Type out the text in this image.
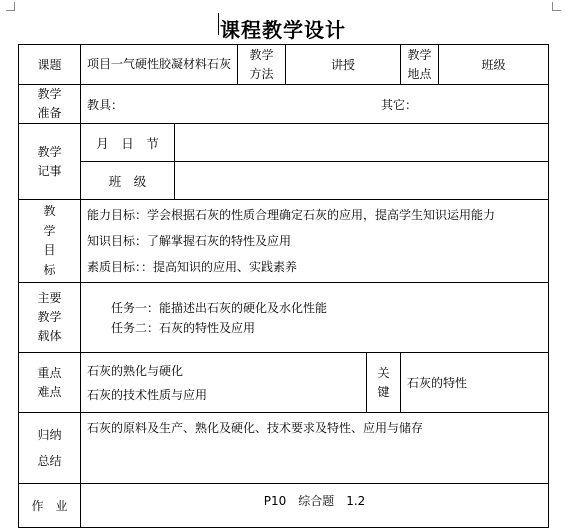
课程教学设计
课题	项目一气硬性胶凝材料石灰		教学方法	讲授		教学地点	班级
教学准备	教具： 其它：						

教学记事	月　日　节						
	班　级						
教学目标	能力目标：学会根据石灰的性质合理确定石灰的应用，提高学生知识运用能力
知识目标：了解掌握石灰的特性及应用
素质目标：：提高知识的应用、实践素养						

主要教学载体	任务一：能描述出石灰的硬化及水化性能
任务二：石灰的特性及应用						

重点难点	石灰的熟化与硬化
石灰的技术性质与应用				关键	石灰的特性	
归纳总结	石灰的原料及生产、熟化及硬化、技术要求及特性、应用与储存						

作　业	P10　综合题　1.2						
